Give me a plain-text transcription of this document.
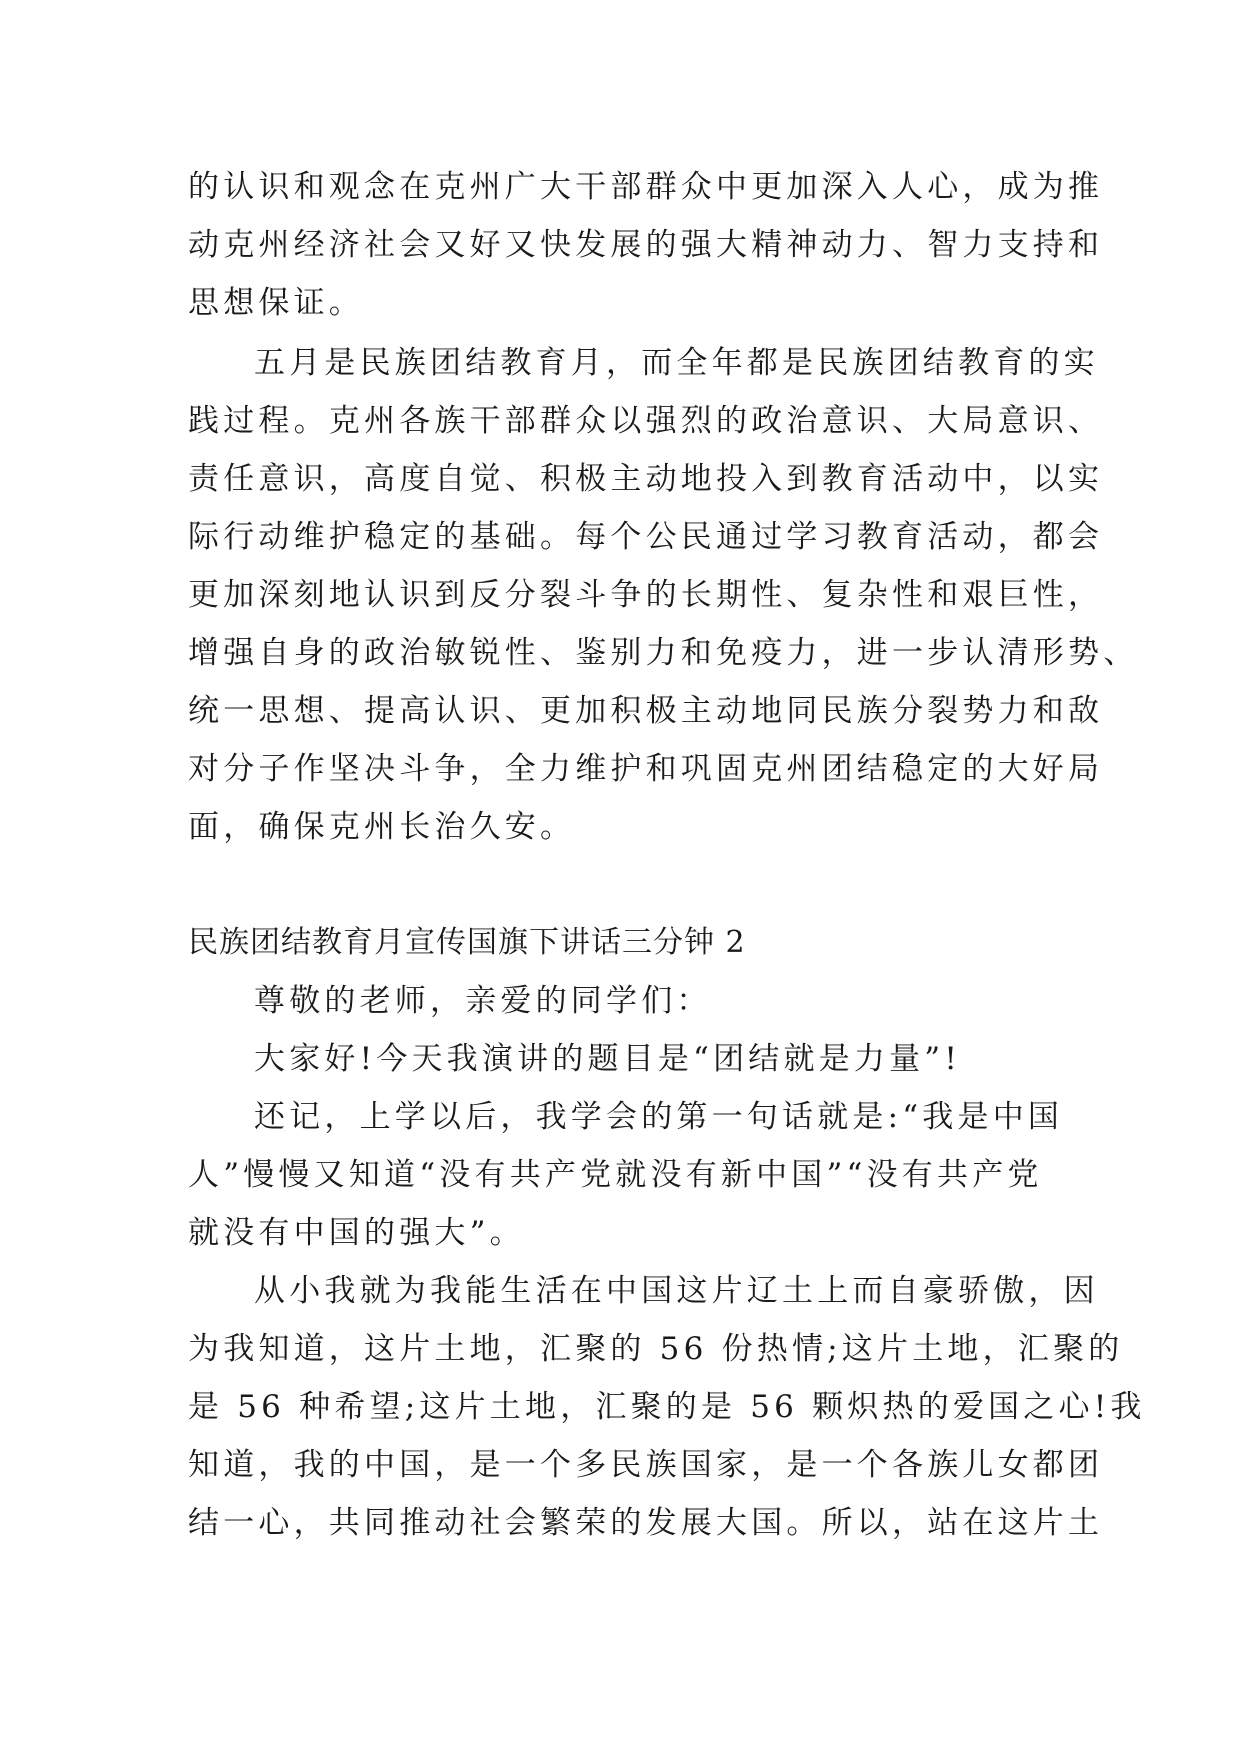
的认识和观念在克州广大干部群众中更加深入人心，成为推
动克州经济社会又好又快发展的强大精神动力、智力支持和
思想保证。
五月是民族团结教育月，而全年都是民族团结教育的实
践过程。克州各族干部群众以强烈的政治意识、大局意识、
责任意识，高度自觉、积极主动地投入到教育活动中，以实
际行动维护稳定的基础。每个公民通过学习教育活动，都会
更加深刻地认识到反分裂斗争的长期性、复杂性和艰巨性，
增强自身的政治敏锐性、鉴别力和免疫力，进一步认清形势、
统一思想、提高认识、更加积极主动地同民族分裂势力和敌
对分子作坚决斗争，全力维护和巩固克州团结稳定的大好局
面，确保克州长治久安。
民族团结教育月宣传国旗下讲话三分钟 2
尊敬的老师，亲爱的同学们：
大家好!今天我演讲的题目是“团结就是力量”!
还记，上学以后，我学会的第一句话就是:“我是中国
人”慢慢又知道“没有共产党就没有新中国”“没有共产党
就没有中国的强大”。
从小我就为我能生活在中国这片辽土上而自豪骄傲，因
为我知道，这片土地，汇聚的 56 份热情;这片土地，汇聚的
是 56 种希望;这片土地，汇聚的是 56 颗炽热的爱国之心!我
知道，我的中国，是一个多民族国家，是一个各族儿女都团
结一心，共同推动社会繁荣的发展大国。所以，站在这片土
